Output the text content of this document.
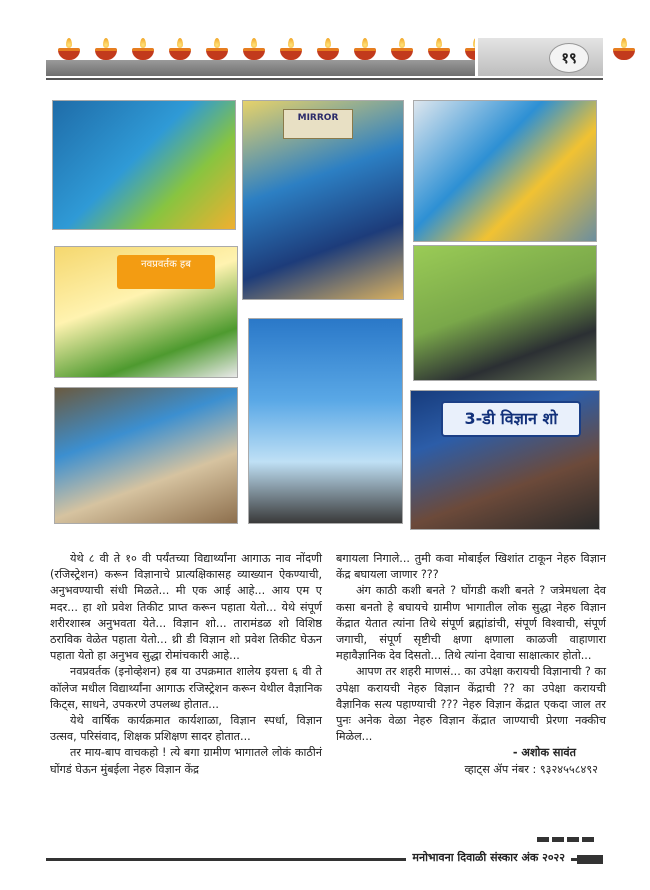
१९
MIRROR
नवप्रवर्तक हब
3-डी विज्ञान शो

येथे ८ वी ते १० वी पर्यंतच्या विद्यार्थ्यांना आगाऊ नाव नोंदणी (रजिस्ट्रेशन) करून विज्ञानाचे प्रात्यक्षिकासह व्याख्यान ऐकण्याची, अनुभवण्याची संधी मिळते... मी एक आई आहे... आय एम ए मदर... हा शो प्रवेश तिकीट प्राप्त करून पहाता येतो... येथे संपूर्ण शरीरशास्त्र अनुभवता येते... विज्ञान शो... तारामंडळ शो विशिष्ठ ठराविक वेळेत पहाता येतो... थ्री डी विज्ञान शो प्रवेश तिकीट घेऊन पहाता येतो हा अनुभव सुद्धा रोमांचकारी आहे...

नवप्रवर्तक (इनोव्हेशन) हब या उपक्रमात शालेय इयत्ता ६ वी ते कॉलेज मधील विद्यार्थ्यांना आगाऊ रजिस्ट्रेशन करून येथील वैज्ञानिक किट्स, साधने, उपकरणे उपलब्ध होतात...

येथे वार्षिक कार्यक्रमात कार्यशाळा, विज्ञान स्पर्धा, विज्ञान उत्सव, परिसंवाद, शिक्षक प्रशिक्षण सादर होतात...

तर माय-बाप वाचकहो ! त्ये बगा ग्रामीण भागातले लोकं काठीनं घोंगडं घेऊन मुंबईला नेहरु विज्ञान केंद्र

बगायला निगाले... तुमी कवा मोबाईल खिशांत टाकून नेहरु विज्ञान केंद्र बघायला जाणार ???

अंग काठी कशी बनते ? घोंगडी कशी बनते ? जत्रेमधला देव कसा बनतो हे बघायचे ग्रामीण भागातील लोक सुद्धा नेहरु विज्ञान केंद्रात येतात त्यांना तिथे संपूर्ण ब्रह्मांडांची, संपूर्ण विश्वाची, संपूर्ण जगाची, संपूर्ण सृष्टीची क्षणा क्षणाला काळजी वाहाणारा महावैज्ञानिक देव दिसतो... तिथे त्यांना देवाचा साक्षात्कार होतो...

आपण तर शहरी माणसं... का उपेक्षा करायची विज्ञानाची ? का उपेक्षा करायची नेहरु विज्ञान केंद्राची ?? का उपेक्षा करायची वैज्ञानिक सत्य पहाण्याची ??? नेहरु विज्ञान केंद्रात एकदा जाल तर पुनः अनेक वेळा नेहरु विज्ञान केंद्रात जाण्याची प्रेरणा नक्कीच मिळेल...

- अशोक सावंत
व्हाट्स ॲप नंबर : ९३२४५५८४९२
मनोभावना दिवाळी संस्कार अंक २०२२
